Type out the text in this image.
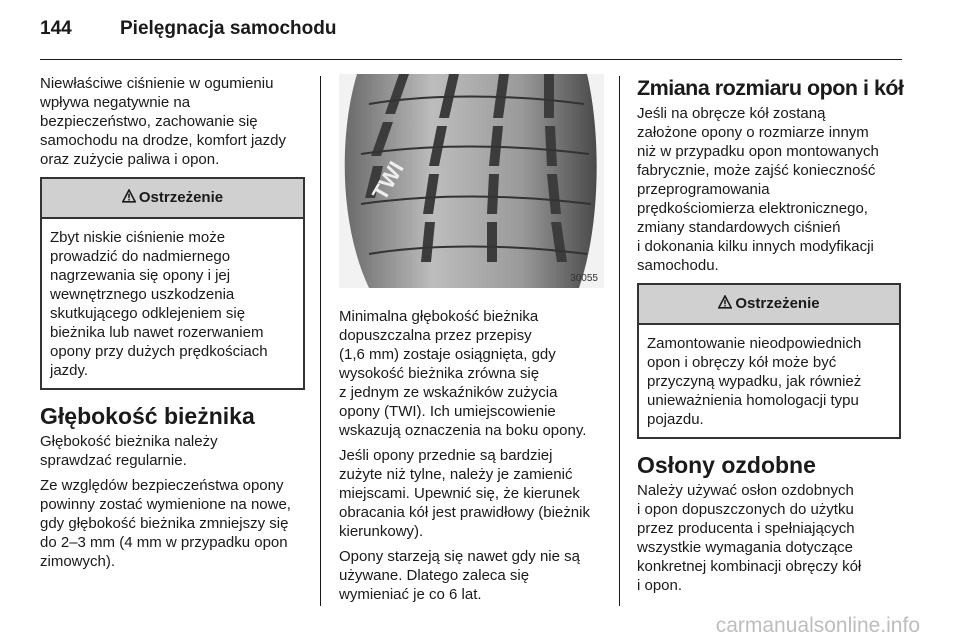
144	Pielęgnacja samochodu

Niewłaściwe ciśnienie w ogumieniu
wpływa negatywnie na
bezpieczeństwo, zachowanie się
samochodu na drodze, komfort jazdy
oraz zużycie paliwa i opon.

Ostrzeżenie

Zbyt niskie ciśnienie może
prowadzić do nadmiernego
nagrzewania się opony i jej
wewnętrznego uszkodzenia
skutkującego odklejeniem się
bieżnika lub nawet rozerwaniem
opony przy dużych prędkościach
jazdy.

Głębokość bieżnika

Głębokość bieżnika należy
sprawdzać regularnie.

Ze względów bezpieczeństwa opony
powinny zostać wymienione na nowe,
gdy głębokość bieżnika zmniejszy się
do 2–3 mm (4 mm w przypadku opon
zimowych).

TWI
30055

Minimalna głębokość bieżnika
dopuszczalna przez przepisy
(1,6 mm) zostaje osiągnięta, gdy
wysokość bieżnika zrówna się
z jednym ze wskaźników zużycia
opony (TWI). Ich umiejscowienie
wskazują oznaczenia na boku opony.

Jeśli opony przednie są bardziej
zużyte niż tylne, należy je zamienić
miejscami. Upewnić się, że kierunek
obracania kół jest prawidłowy (bieżnik
kierunkowy).

Opony starzeją się nawet gdy nie są
używane. Dlatego zaleca się
wymieniać je co 6 lat.

Zmiana rozmiaru opon i kół

Jeśli na obręcze kół zostaną
założone opony o rozmiarze innym
niż w przypadku opon montowanych
fabrycznie, może zajść konieczność
przeprogramowania
prędkościomierza elektronicznego,
zmiany standardowych ciśnień
i dokonania kilku innych modyfikacji
samochodu.

Ostrzeżenie

Zamontowanie nieodpowiednich
opon i obręczy kół może być
przyczyną wypadku, jak również
unieważnienia homologacji typu
pojazdu.

Osłony ozdobne

Należy używać osłon ozdobnych
i opon dopuszczonych do użytku
przez producenta i spełniających
wszystkie wymagania dotyczące
konkretnej kombinacji obręczy kół
i opon.

carmanualsonline.info
